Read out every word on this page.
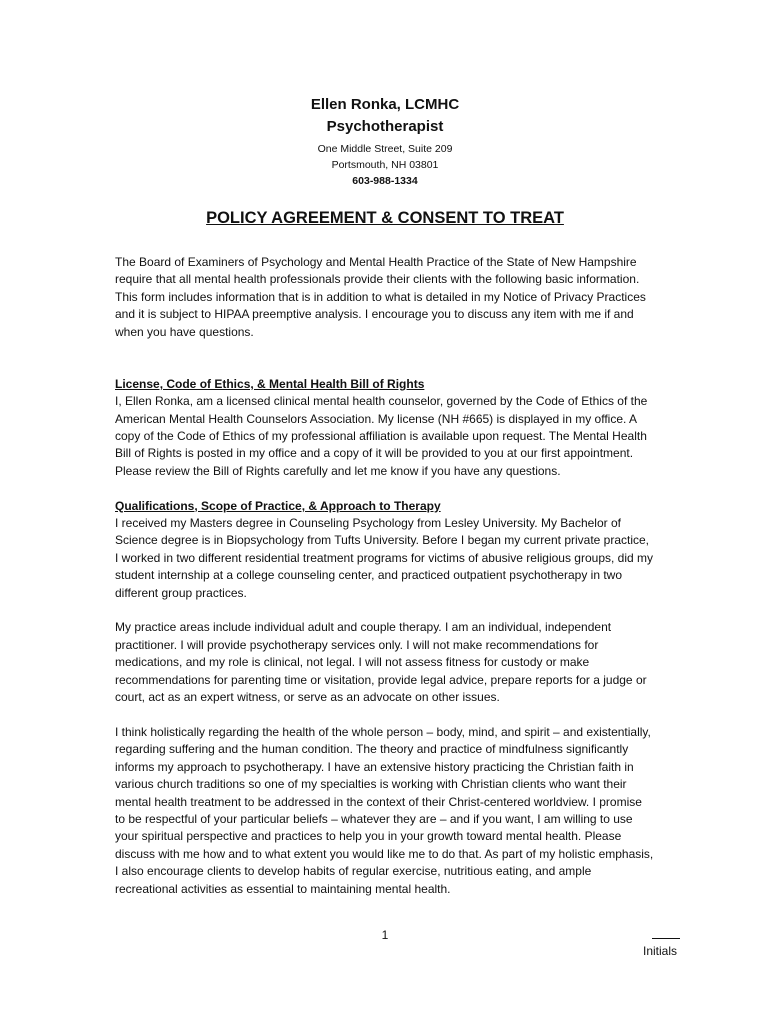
Ellen Ronka, LCMHC
Psychotherapist
One Middle Street, Suite 209
Portsmouth, NH 03801
603-988-1334
POLICY AGREEMENT & CONSENT TO TREAT

The Board of Examiners of Psychology and Mental Health Practice of the State of New Hampshire require that all mental health professionals provide their clients with the following basic information. This form includes information that is in addition to what is detailed in my Notice of Privacy Practices and it is subject to HIPAA preemptive analysis. I encourage you to discuss any item with me if and when you have questions.

License, Code of Ethics, & Mental Health Bill of Rights

I, Ellen Ronka, am a licensed clinical mental health counselor, governed by the Code of Ethics of the American Mental Health Counselors Association. My license (NH #665) is displayed in my office. A copy of the Code of Ethics of my professional affiliation is available upon request. The Mental Health Bill of Rights is posted in my office and a copy of it will be provided to you at our first appointment. Please review the Bill of Rights carefully and let me know if you have any questions.

Qualifications, Scope of Practice, & Approach to Therapy

I received my Masters degree in Counseling Psychology from Lesley University. My Bachelor of Science degree is in Biopsychology from Tufts University. Before I began my current private practice, I worked in two different residential treatment programs for victims of abusive religious groups, did my student internship at a college counseling center, and practiced outpatient psychotherapy in two different group practices.

My practice areas include individual adult and couple therapy. I am an individual, independent practitioner. I will provide psychotherapy services only. I will not make recommendations for medications, and my role is clinical, not legal. I will not assess fitness for custody or make recommendations for parenting time or visitation, provide legal advice, prepare reports for a judge or court, act as an expert witness, or serve as an advocate on other issues.

I think holistically regarding the health of the whole person – body, mind, and spirit – and existentially, regarding suffering and the human condition. The theory and practice of mindfulness significantly informs my approach to psychotherapy. I have an extensive history practicing the Christian faith in various church traditions so one of my specialties is working with Christian clients who want their mental health treatment to be addressed in the context of their Christ-centered worldview. I promise to be respectful of your particular beliefs – whatever they are – and if you want, I am willing to use your spiritual perspective and practices to help you in your growth toward mental health. Please discuss with me how and to what extent you would like me to do that. As part of my holistic emphasis, I also encourage clients to develop habits of regular exercise, nutritious eating, and ample recreational activities as essential to maintaining mental health.

1
Initials
